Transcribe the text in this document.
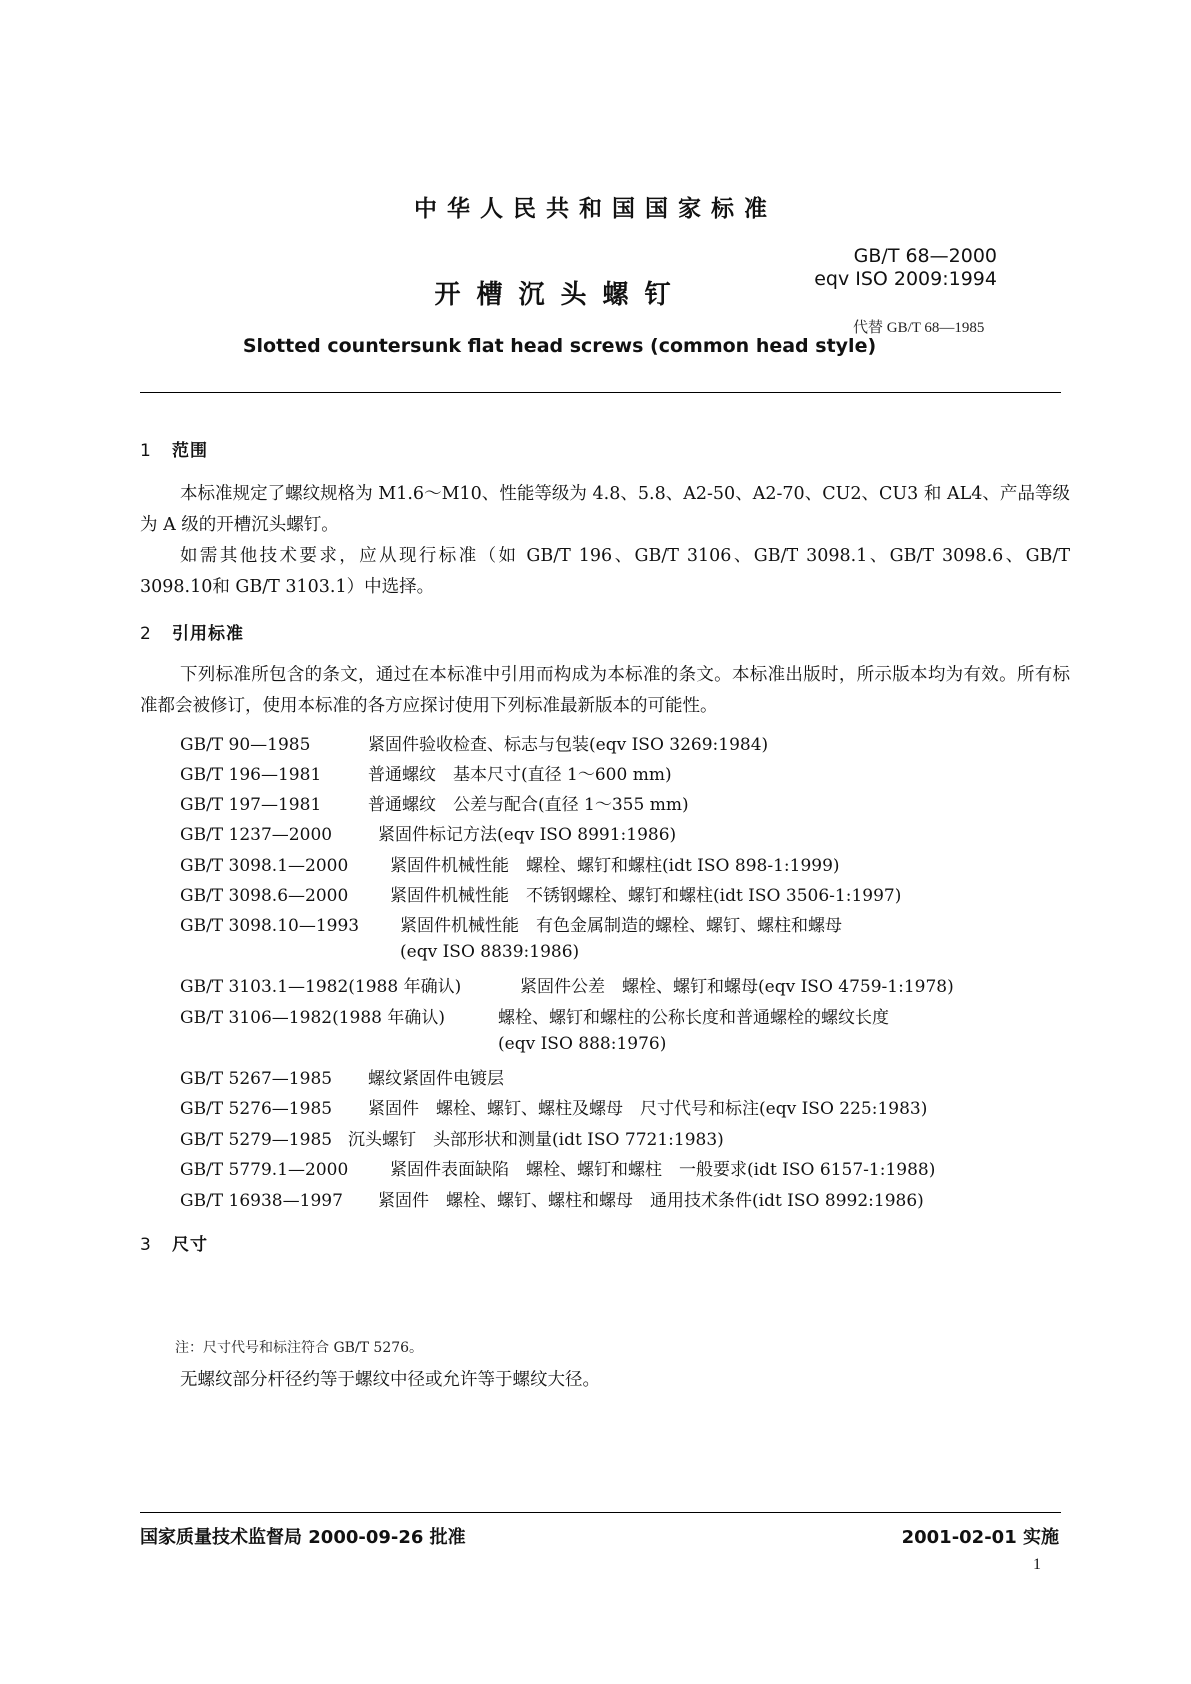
中华人民共和国国家标准
开槽沉头螺钉
GB/T 68—2000
eqv ISO 2009:1994
代替 GB/T 68—1985
Slotted countersunk flat head screws (common head style)
1 范围
本标准规定了螺纹规格为 M1.6～M10、性能等级为 4.8、5.8、A2-50、A2-70、CU2、CU3 和 AL4、产品等级为 A 级的开槽沉头螺钉。
如需其他技术要求，应从现行标准（如 GB/T 196、GB/T 3106、GB/T 3098.1、GB/T 3098.6、GB/T 3098.10和 GB/T 3103.1）中选择。
2 引用标准
下列标准所包含的条文，通过在本标准中引用而构成为本标准的条文。本标准出版时，所示版本均为有效。所有标准都会被修订，使用本标准的各方应探讨使用下列标准最新版本的可能性。
GB/T 90—1985	紧固件验收检查、标志与包装(eqv ISO 3269:1984)
GB/T 196—1981	普通螺纹　基本尺寸(直径 1～600 mm)
GB/T 197—1981	普通螺纹　公差与配合(直径 1～355 mm)
GB/T 1237—2000	紧固件标记方法(eqv ISO 8991:1986)
GB/T 3098.1—2000 紧固件机械性能　螺栓、螺钉和螺柱(idt ISO 898-1:1999)
GB/T 3098.6—2000 紧固件机械性能　不锈钢螺栓、螺钉和螺柱(idt ISO 3506-1:1997)
GB/T 3098.10—1993 紧固件机械性能　有色金属制造的螺栓、螺钉、螺柱和螺母
(eqv ISO 8839:1986)
GB/T 3103.1—1982(1988 年确认)	紧固件公差　螺栓、螺钉和螺母(eqv ISO 4759-1:1978)
GB/T 3106—1982(1988 年确认)	螺栓、螺钉和螺柱的公称长度和普通螺栓的螺纹长度
(eqv ISO 888:1976)
GB/T 5267—1985 螺纹紧固件电镀层
GB/T 5276—1985 紧固件　螺栓、螺钉、螺柱及螺母　尺寸代号和标注(eqv ISO 225:1983)
GB/T 5279—1985 沉头螺钉　头部形状和测量(idt ISO 7721:1983)
GB/T 5779.1—2000 紧固件表面缺陷　螺栓、螺钉和螺柱　一般要求(idt ISO 6157-1:1988)
GB/T 16938—1997 紧固件　螺栓、螺钉、螺柱和螺母　通用技术条件(idt ISO 8992:1986)
3 尺寸
注：尺寸代号和标注符合 GB/T 5276。
无螺纹部分杆径约等于螺纹中径或允许等于螺纹大径。
国家质量技术监督局 2000-09-26 批准	2001-02-01 实施
1
